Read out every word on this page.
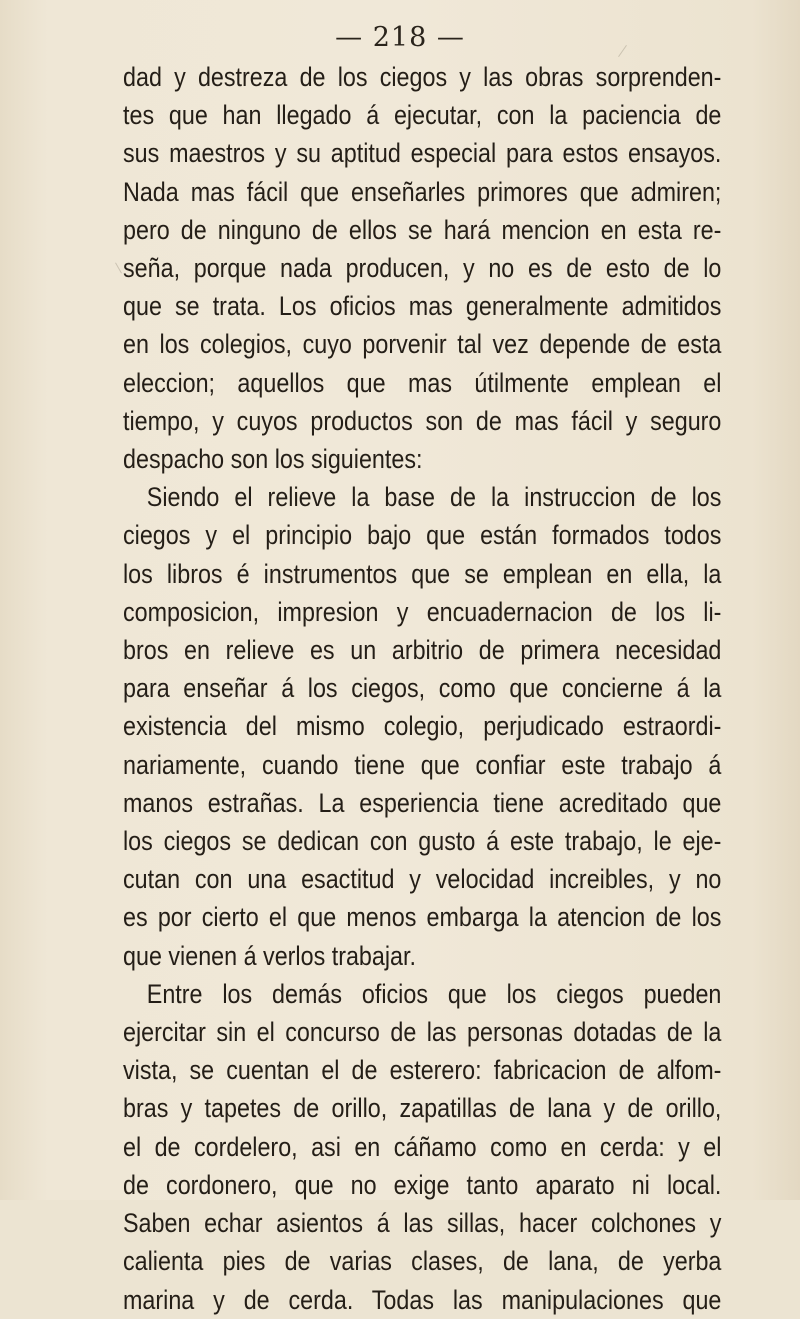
— 218 —
dad y destreza de los ciegos y las obras sorprenden-
tes que han llegado á ejecutar, con la paciencia de
sus maestros y su aptitud especial para estos ensayos.
Nada mas fácil que enseñarles primores que admiren;
pero de ninguno de ellos se hará mencion en esta re-
seña, porque nada producen, y no es de esto de lo
que se trata. Los oficios mas generalmente admitidos
en los colegios, cuyo porvenir tal vez depende de esta
eleccion; aquellos que mas útilmente emplean el
tiempo, y cuyos productos son de mas fácil y seguro
despacho son los siguientes:
Siendo el relieve la base de la instruccion de los
ciegos y el principio bajo que están formados todos
los libros é instrumentos que se emplean en ella, la
composicion, impresion y encuadernacion de los li-
bros en relieve es un arbitrio de primera necesidad
para enseñar á los ciegos, como que concierne á la
existencia del mismo colegio, perjudicado estraordi-
nariamente, cuando tiene que confiar este trabajo á
manos estrañas. La esperiencia tiene acreditado que
los ciegos se dedican con gusto á este trabajo, le eje-
cutan con una esactitud y velocidad increibles, y no
es por cierto el que menos embarga la atencion de los
que vienen á verlos trabajar.
Entre los demás oficios que los ciegos pueden
ejercitar sin el concurso de las personas dotadas de la
vista, se cuentan el de esterero: fabricacion de alfom-
bras y tapetes de orillo, zapatillas de lana y de orillo,
el de cordelero, asi en cáñamo como en cerda: y el
de cordonero, que no exige tanto aparato ni local.
Saben echar asientos á las sillas, hacer colchones y
calienta pies de varias clases, de lana, de yerba
marina y de cerda. Todas las manipulaciones que
